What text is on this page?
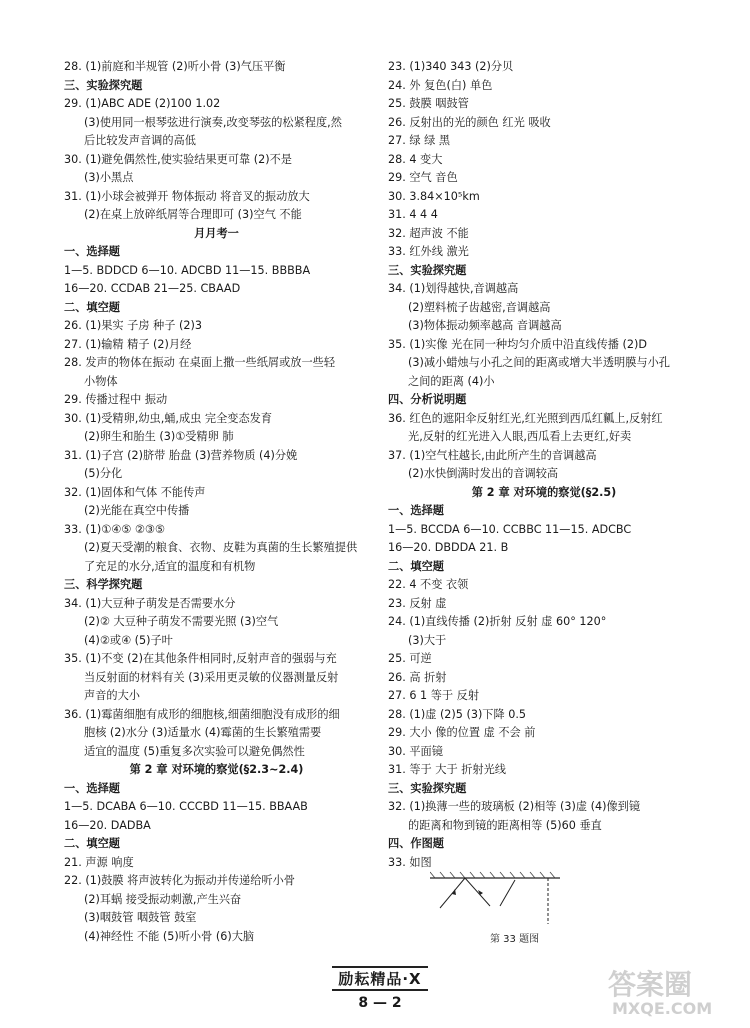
28. (1)前庭和半规管 (2)听小骨 (3)气压平衡
三、实验探究题
29. (1)ABC ADE (2)100 1.02
(3)使用同一根琴弦进行演奏,改变琴弦的松紧程度,然
后比较发声音调的高低
30. (1)避免偶然性,使实验结果更可靠 (2)不是
(3)小黑点
31. (1)小球会被弹开 物体振动 将音叉的振动放大
(2)在桌上放碎纸屑等合理即可 (3)空气 不能
月月考一
一、选择题
1—5. BDDCD 6—10. ADCBD 11—15. BBBBA
16—20. CCDAB 21—25. CBAAD
二、填空题
26. (1)果实 子房 种子 (2)3
27. (1)输精 精子 (2)月经
28. 发声的物体在振动 在桌面上撒一些纸屑或放一些轻
小物体
29. 传播过程中 振动
30. (1)受精卵,幼虫,蛹,成虫 完全变态发育
(2)卵生和胎生 (3)①受精卵 肺
31. (1)子宫 (2)脐带 胎盘 (3)营养物质 (4)分娩
(5)分化
32. (1)固体和气体 不能传声
(2)光能在真空中传播
33. (1)①④⑤ ②③⑤
(2)夏天受潮的粮食、衣物、皮鞋为真菌的生长繁殖提供
了充足的水分,适宜的温度和有机物
三、科学探究题
34. (1)大豆种子萌发是否需要水分
(2)② 大豆种子萌发不需要光照 (3)空气
(4)②或④ (5)子叶
35. (1)不变 (2)在其他条件相同时,反射声音的强弱与充
当反射面的材料有关 (3)采用更灵敏的仪器测量反射
声音的大小
36. (1)霉菌细胞有成形的细胞核,细菌细胞没有成形的细
胞核 (2)水分 (3)适量水 (4)霉菌的生长繁殖需要
适宜的温度 (5)重复多次实验可以避免偶然性
第 2 章 对环境的察觉(§2.3~2.4)
一、选择题
1—5. DCABA 6—10. CCCBD 11—15. BBAAB
16—20. DADBA
二、填空题
21. 声源 响度
22. (1)鼓膜 将声波转化为振动并传递给听小骨
(2)耳蜗 接受振动刺激,产生兴奋
(3)咽鼓管 咽鼓管 鼓室
(4)神经性 不能 (5)听小骨 (6)大脑
23. (1)340 343 (2)分贝
24. 外 复色(白) 单色
25. 鼓膜 咽鼓管
26. 反射出的光的颜色 红光 吸收
27. 绿 绿 黑
28. 4 变大
29. 空气 音色
30. 3.84×10⁵km
31. 4 4 4
32. 超声波 不能
33. 红外线 激光
三、实验探究题
34. (1)划得越快,音调越高
(2)塑料梳子齿越密,音调越高
(3)物体振动频率越高 音调越高
35. (1)实像 光在同一种均匀介质中沿直线传播 (2)D
(3)减小蜡烛与小孔之间的距离或增大半透明膜与小孔
之间的距离 (4)小
四、分析说明题
36. 红色的遮阳伞反射红光,红光照到西瓜红瓤上,反射红
光,反射的红光进入人眼,西瓜看上去更红,好卖
37. (1)空气柱越长,由此所产生的音调越高
(2)水快倒满时发出的音调较高
第 2 章 对环境的察觉(§2.5)
一、选择题
1—5. BCCDA 6—10. CCBBC 11—15. ADCBC
16—20. DBDDA 21. B
二、填空题
22. 4 不变 衣领
23. 反射 虚
24. (1)直线传播 (2)折射 反射 虚 60° 120°
(3)大于
25. 可逆
26. 高 折射
27. 6 1 等于 反射
28. (1)虚 (2)5 (3)下降 0.5
29. 大小 像的位置 虚 不会 前
30. 平面镜
31. 等于 大于 折射光线
三、实验探究题
32. (1)换薄一些的玻璃板 (2)相等 (3)虚 (4)像到镜
的距离和物到镜的距离相等 (5)60 垂直
四、作图题
33. 如图
第 33 题图
励耘精品·X
8 — 2
答案圈
MXQE.COM
